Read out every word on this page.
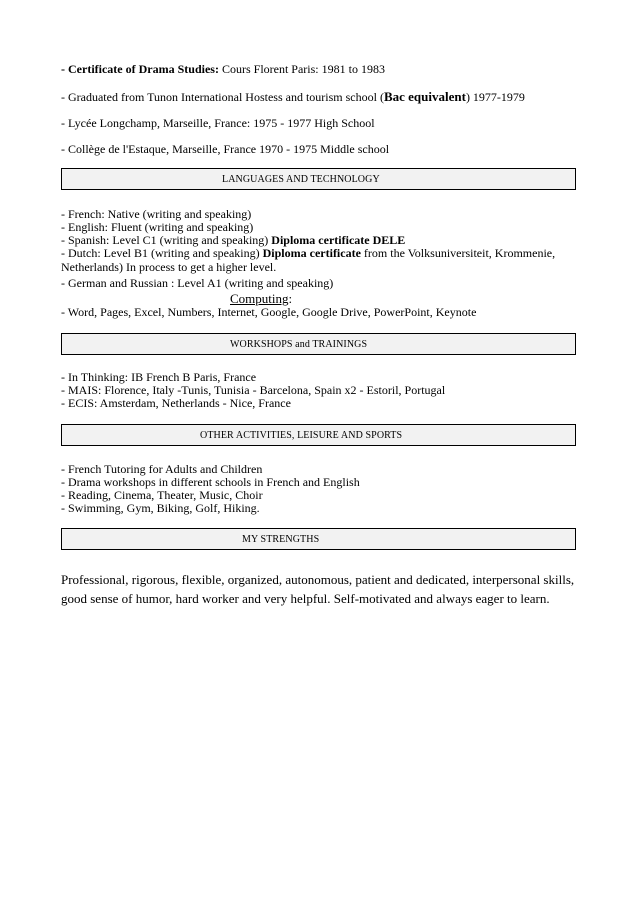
- Certificate of Drama Studies: Cours Florent Paris: 1981 to 1983
- Graduated from Tunon International Hostess and tourism school (Bac equivalent) 1977-1979
- Lycée Longchamp, Marseille, France: 1975 - 1977 High School
- Collège de l'Estaque, Marseille, France 1970 - 1975 Middle school
LANGUAGES AND TECHNOLOGY
- French: Native (writing and speaking)
- English: Fluent (writing and speaking)
- Spanish: Level C1 (writing and speaking) Diploma certificate DELE
- Dutch: Level B1 (writing and speaking) Diploma certificate from the Volksuniversiteit, Krommenie, Netherlands) In process to get a higher level.
- German and Russian : Level A1 (writing and speaking)
Computing:
- Word, Pages, Excel, Numbers, Internet, Google, Google Drive, PowerPoint, Keynote
WORKSHOPS and TRAININGS
- In Thinking: IB French B Paris, France
- MAIS: Florence, Italy -Tunis, Tunisia - Barcelona, Spain x2 - Estoril, Portugal
- ECIS: Amsterdam, Netherlands - Nice, France
OTHER ACTIVITIES, LEISURE AND SPORTS
- French Tutoring for Adults and Children
- Drama workshops in different schools in French and English
- Reading, Cinema, Theater, Music, Choir
- Swimming, Gym, Biking, Golf, Hiking.
MY STRENGTHS
Professional, rigorous, flexible, organized, autonomous, patient and dedicated, interpersonal skills, good sense of humor, hard worker and very helpful. Self-motivated and always eager to learn.
